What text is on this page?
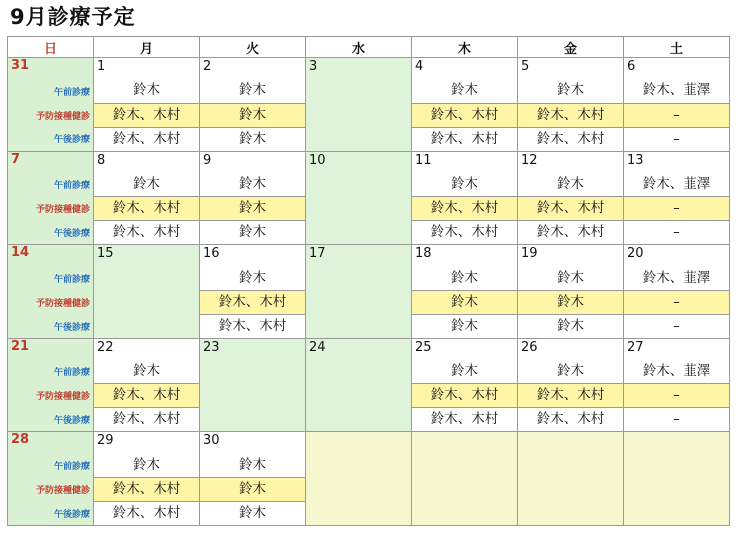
9月診療予定
日	月	火	水	木	金	土
31	1	2	3	4	5	6
午前診療	鈴木	鈴木		鈴木	鈴木	鈴木、韮澤
予防接種健診	鈴木、木村	鈴木		鈴木、木村	鈴木、木村	–
午後診療	鈴木、木村	鈴木		鈴木、木村	鈴木、木村	–
7	8	9	10	11	12	13
午前診療	鈴木	鈴木		鈴木	鈴木	鈴木、韮澤
予防接種健診	鈴木、木村	鈴木		鈴木、木村	鈴木、木村	–
午後診療	鈴木、木村	鈴木		鈴木、木村	鈴木、木村	–
14	15	16	17	18	19	20
午前診療		鈴木		鈴木	鈴木	鈴木、韮澤
予防接種健診		鈴木、木村		鈴木	鈴木	–
午後診療		鈴木、木村		鈴木	鈴木	–
21	22	23	24	25	26	27
午前診療	鈴木			鈴木	鈴木	鈴木、韮澤
予防接種健診	鈴木、木村			鈴木、木村	鈴木、木村	–
午後診療	鈴木、木村			鈴木、木村	鈴木、木村	–
28	29	30				
午前診療	鈴木	鈴木				
予防接種健診	鈴木、木村	鈴木				
午後診療	鈴木、木村	鈴木				
